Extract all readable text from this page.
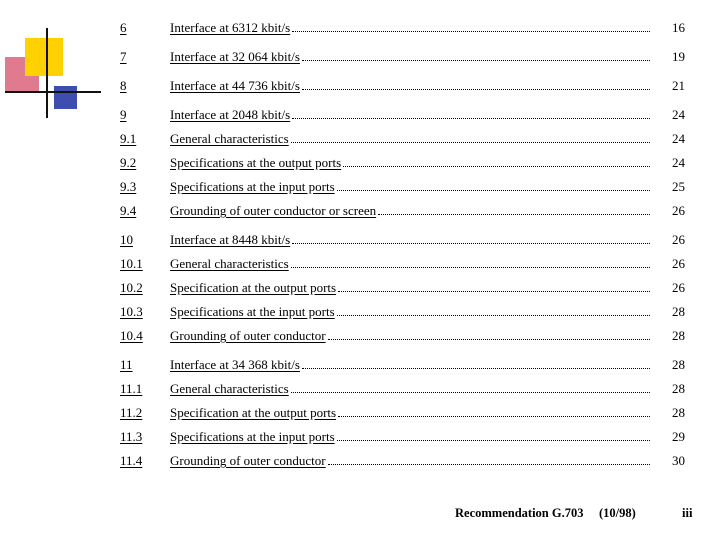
6	Interface at 6312 kbit/s	16
7	Interface at 32 064 kbit/s	19
8	Interface at 44 736 kbit/s	21
9	Interface at 2048 kbit/s	24
9.1	General characteristics	24
9.2	Specifications at the output ports	24
9.3	Specifications at the input ports	25
9.4	Grounding of outer conductor or screen	26
10	Interface at 8448 kbit/s	26
10.1	General characteristics	26
10.2	Specification at the output ports	26
10.3	Specifications at the input ports	28
10.4	Grounding of outer conductor	28
11	Interface at 34 368 kbit/s	28
11.1	General characteristics	28
11.2	Specification at the output ports	28
11.3	Specifications at the input ports	29
11.4	Grounding of outer conductor	30
Recommendation G.703 (10/98)	iii
